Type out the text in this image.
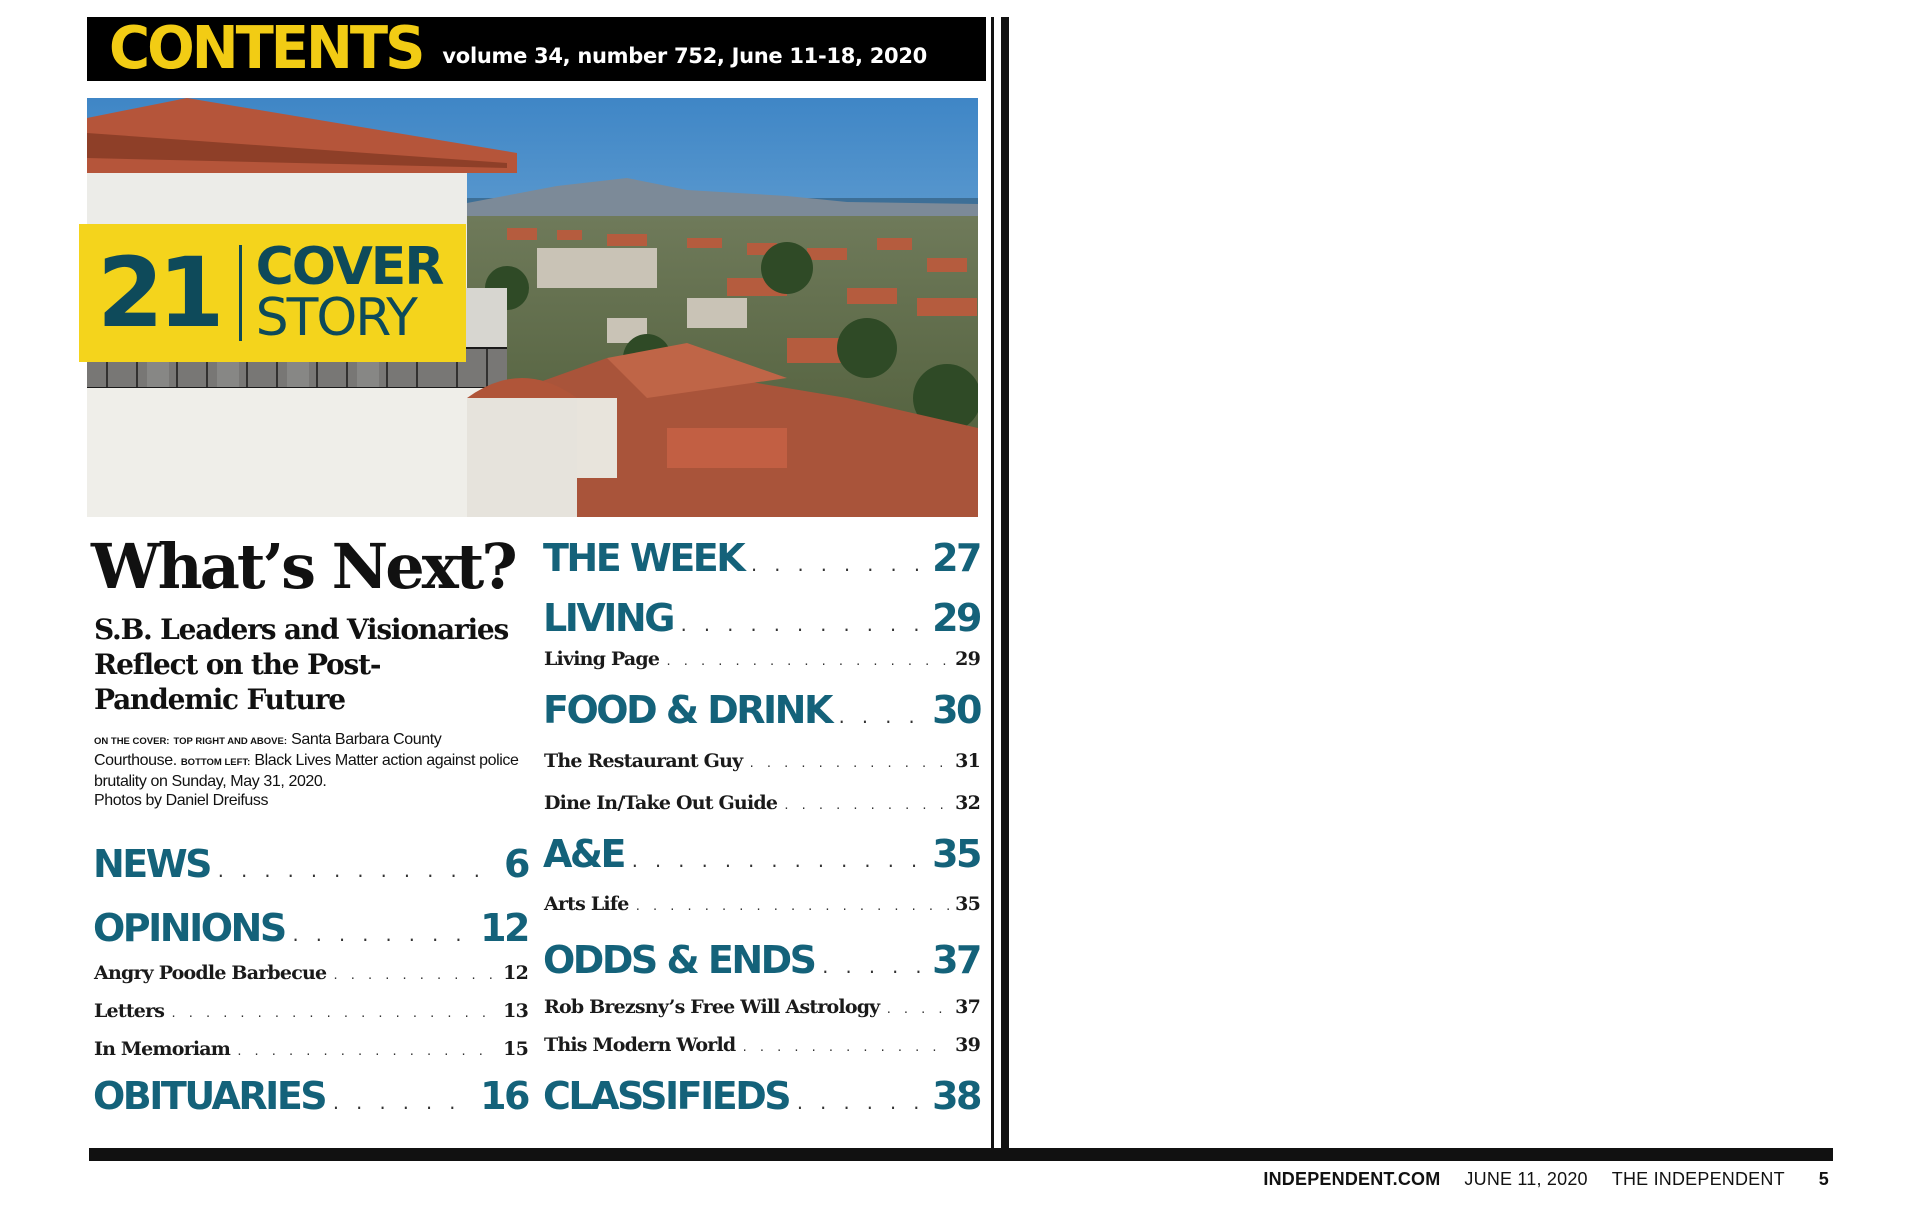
CONTENTS volume 34, number 752, June 11-18, 2020
21 COVER
STORY
What’s Next?
S.B. Leaders and Visionaries Reflect on the Post-Pandemic Future
ON THE COVER: TOP RIGHT AND ABOVE: Santa Barbara County Courthouse. BOTTOM LEFT: Black Lives Matter action against police brutality on Sunday, May 31, 2020.
Photos by Daniel Dreifuss
NEWS . . .	6
OPINIONS . . .	12
Angry Poodle Barbecue . . .	12
Letters . . .	13
In Memoriam . . .	15
OBITUARIES . . .	16
THE WEEK . . .	27
LIVING . . .	29
Living Page . . .	29
FOOD & DRINK . . .	30
The Restaurant Guy . . .	31
Dine In/Take Out Guide . . .	32
A&E . . .	35
Arts Life . . .	35
ODDS & ENDS . . .	37
Rob Brezsny’s Free Will Astrology . . .	37
This Modern World . . .	39
CLASSIFIEDS . . .	38
INDEPENDENT.COM JUNE 11, 2020 THE INDEPENDENT 5
